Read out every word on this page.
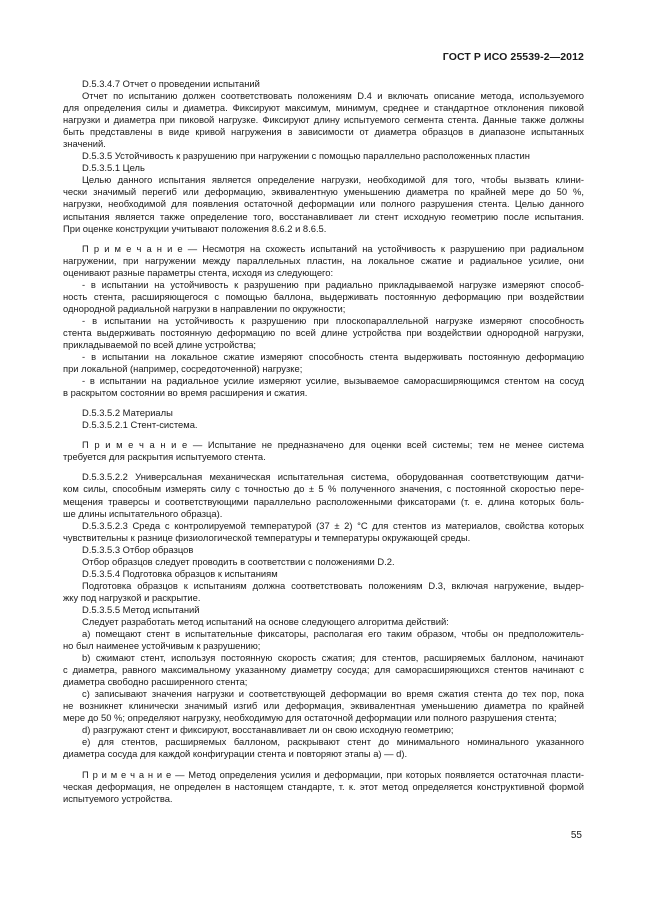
ГОСТ Р ИСО 25539-2—2012
D.5.3.4.7 Отчет о проведении испытаний
Отчет по испытанию должен соответствовать положениям D.4 и включать описание метода, используемого
для определения силы и диаметра. Фиксируют максимум, минимум, среднее и стандартное отклонения пиковой
нагрузки и диаметра при пиковой нагрузке. Фиксируют длину испытуемого сегмента стента. Данные также должны
быть представлены в виде кривой нагружения в зависимости от диаметра образцов в диапазоне испытанных
значений.
D.5.3.5 Устойчивость к разрушению при нагружении с помощью параллельно расположенных пластин
D.5.3.5.1 Цель
Целью данного испытания является определение нагрузки, необходимой для того, чтобы вызвать клини-
чески значимый перегиб или деформацию, эквивалентную уменьшению диаметра по крайней мере до 50 %,
нагрузки, необходимой для появления остаточной деформации или полного разрушения стента. Целью данного
испытания является также определение того, восстанавливает ли стент исходную геометрию после испытания.
При оценке конструкции учитывают положения 8.6.2 и 8.6.5.
П р и м е ч а н и е — Несмотря на схожесть испытаний на устойчивость к разрушению при радиальном
нагружении, при нагружении между параллельных пластин, на локальное сжатие и радиальное усилие, они
оценивают разные параметры стента, исходя из следующего:
- в испытании на устойчивость к разрушению при радиально прикладываемой нагрузке измеряют способ-
ность стента, расширяющегося с помощью баллона, выдерживать постоянную деформацию при воздействии
однородной радиальной нагрузки в направлении по окружности;
- в испытании на устойчивость к разрушению при плоскопараллельной нагрузке измеряют способность
стента выдерживать постоянную деформацию по всей длине устройства при воздействии однородной нагрузки,
прикладываемой по всей длине устройства;
- в испытании на локальное сжатие измеряют способность стента выдерживать постоянную деформацию
при локальной (например, сосредоточенной) нагрузке;
- в испытании на радиальное усилие измеряют усилие, вызываемое саморасширяющимся стентом на сосуд
в раскрытом состоянии во время расширения и сжатия.
D.5.3.5.2 Материалы
D.5.3.5.2.1 Стент-система.
П р и м е ч а н и е — Испытание не предназначено для оценки всей системы; тем не менее система
требуется для раскрытия испытуемого стента.
D.5.3.5.2.2 Универсальная механическая испытательная система, оборудованная соответствующим датчи-
ком силы, способным измерять силу с точностью до ± 5 % полученного значения, с постоянной скоростью пере-
мещения траверсы и соответствующими параллельно расположенными фиксаторами (т. е. длина которых боль-
ше длины испытательного образца).
D.5.3.5.2.3 Среда с контролируемой температурой (37 ± 2) °С для стентов из материалов, свойства которых
чувствительны к разнице физиологической температуры и температуры окружающей среды.
D.5.3.5.3 Отбор образцов
Отбор образцов следует проводить в соответствии с положениями D.2.
D.5.3.5.4 Подготовка образцов к испытаниям
Подготовка образцов к испытаниям должна соответствовать положениям D.3, включая нагружение, выдер-
жку под нагрузкой и раскрытие.
D.5.3.5.5 Метод испытаний
Следует разработать метод испытаний на основе следующего алгоритма действий:
a) помещают стент в испытательные фиксаторы, располагая его таким образом, чтобы он предположитель-
но был наименее устойчивым к разрушению;
b) сжимают стент, используя постоянную скорость сжатия; для стентов, расширяемых баллоном, начинают
с диаметра, равного максимальному указанному диаметру сосуда; для саморасширяющихся стентов начинают с
диаметра свободно расширенного стента;
c) записывают значения нагрузки и соответствующей деформации во время сжатия стента до тех пор, пока
не возникнет клинически значимый изгиб или деформация, эквивалентная уменьшению диаметра по крайней
мере до 50 %; определяют нагрузку, необходимую для остаточной деформации или полного разрушения стента;
d) разгружают стент и фиксируют, восстанавливает ли он свою исходную геометрию;
e) для стентов, расширяемых баллоном, раскрывают стент до минимального номинального указанного
диаметра сосуда для каждой конфигурации стента и повторяют этапы а) — d).
П р и м е ч а н и е — Метод определения усилия и деформации, при которых появляется остаточная пласти-
ческая деформация, не определен в настоящем стандарте, т. к. этот метод определяется конструктивной формой
испытуемого устройства.
55
